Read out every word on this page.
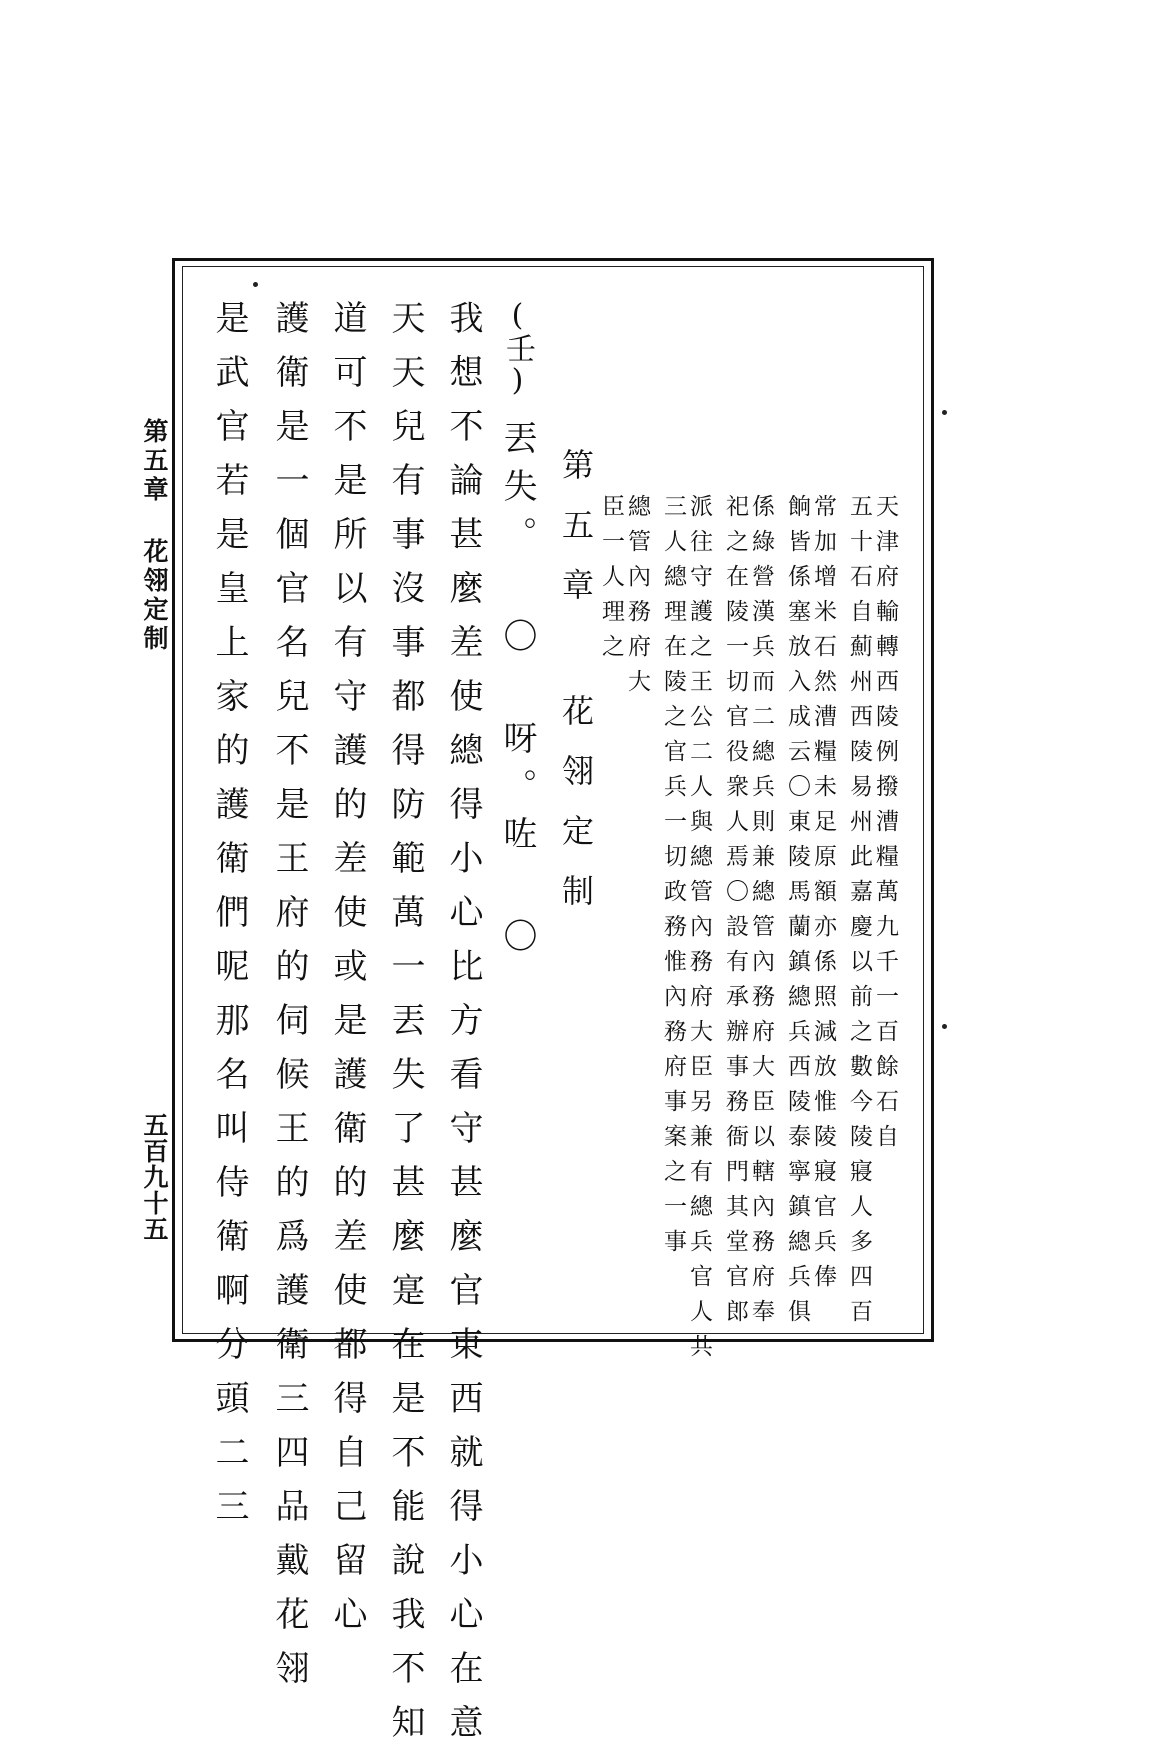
第五章 花翎定制
五百九十五
天津府輸轉西陵例撥漕糧萬九千一百餘石自
五十石自薊州西陵易州此嘉慶以前之數今陵寢人多四百
常加增米石然漕糧未足原額亦係照減放惟陵寢官兵俸
餉皆係塞放入成云〇東陵馬蘭鎮總兵西陵泰寧鎮總兵俱
係綠營漢兵而二總兵則兼總管內務府大臣以轄內務府奉
祀之在陵一切官役衆人焉〇設有承辦事務衙門其堂官郎
派往守護之王公二人與總管內務府大臣另兼有總兵官人共
三人總理在陵之官兵一切政務惟內務府事案之一事
總管內務府大
臣一人理之
第五章 花翎定制
(壬)
丟失。 〇 呀。咗 〇
我想不論甚麼差使總得小心比方看守甚麼官東西就得小心在意
天天兒有事沒事都得防範萬一丟失了甚麼寔在是不能說我不知
道可不是所以有守護的差使或是護衛的差使都得自己留心
護衛是一個官名兒不是王府的伺候王的爲護衛三四品戴花翎
是武官若是皇上家的護衛們呢那名叫侍衛啊分頭二三
